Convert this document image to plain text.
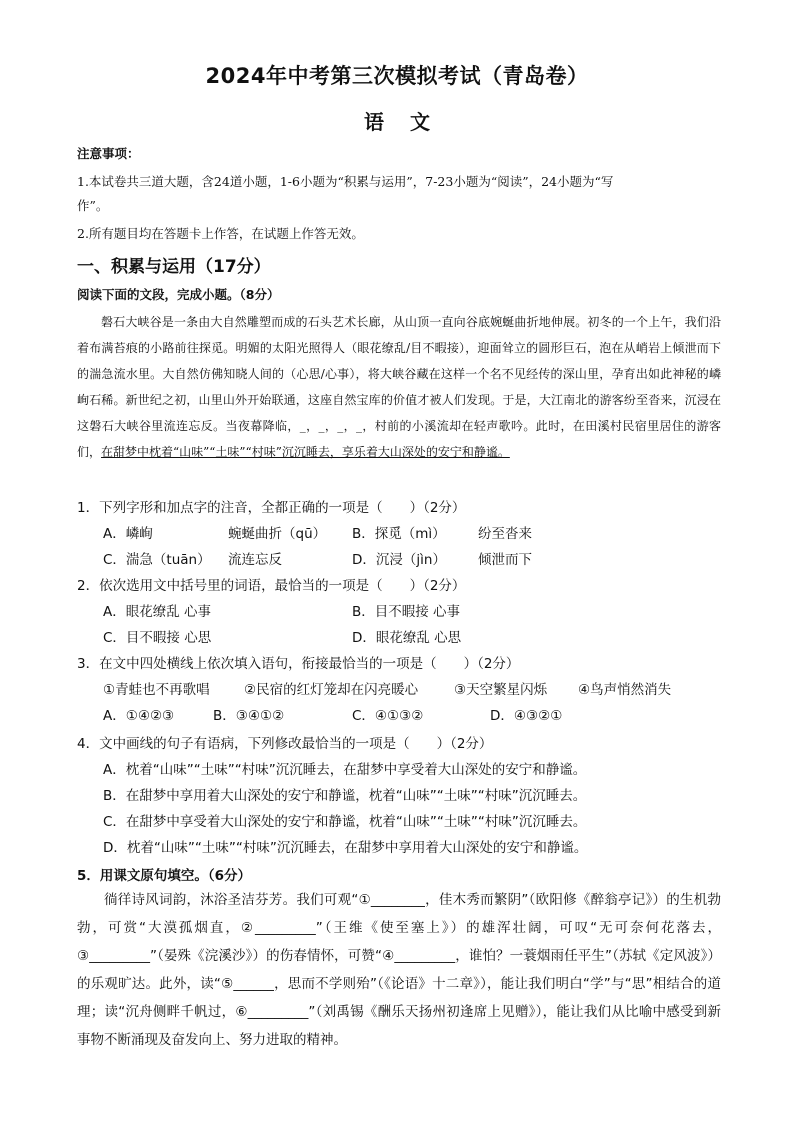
2024年中考第三次模拟考试（青岛卷）
语文
注意事项：
1.本试卷共三道大题，含24道小题，1-6小题为“积累与运用”，7-23小题为“阅读”，24小题为“写
作”。
2.所有题目均在答题卡上作答，在试题上作答无效。
一、积累与运用（17分）
阅读下面的文段，完成小题。（8分）

磐石大峡谷是一条由大自然雕塑而成的石头艺术长廊，从山顶一直向谷底婉蜒曲折地伸展。初冬的一个上午，我们沿着布满苔痕的小路前往探觅。明媚的太阳光照得人（眼花缭乱/目不暇接），迎面耸立的圆形巨石，泡在从峭岩上倾泄而下的湍急流水里。大自然仿佛知晓人间的（心思/心事），将大峡谷藏在这样一个名不见经传的深山里，孕育出如此神秘的嶙峋石稀。新世纪之初，山里山外开始联通，这座自然宝库的价值才被人们发现。于是，大江南北的游客纷至沓来，沉浸在这磐石大峡谷里流连忘反。当夜幕降临，_，_，_，_，村前的小溪流却在轻声歌吟。此时，在田溪村民宿里居住的游客们，在甜梦中枕着“山味”“土味”“村味”沉沉睡去，享乐着大山深处的安宁和静谧。

1．下列字形和加点字的注音，全都正确的一项是（　　）（2分）
A．嶙峋	蜿蜒曲折（qū） B．探觅（mì） 纷至沓来
C．湍急（tuān） 流连忘反	D．沉浸（jìn） 倾泄而下
2．依次选用文中括号里的词语，最恰当的一项是（　　）（2分）
A．眼花缭乱 心事	B．目不暇接 心事
C．目不暇接 心思	D．眼花缭乱 心思
3．在文中四处横线上依次填入语句，衔接最恰当的一项是（　　）（2分）
①青蛙也不再歌唱	②民宿的红灯笼却在闪亮暖心	③天空繁星闪烁 ④鸟声悄然消失
A．①④②③	B．③④①②	C．④①③②	D．④③②①
4．文中画线的句子有语病，下列修改最恰当的一项是（　　）（2分）
A．枕着“山味”“土味”“村味”沉沉睡去，在甜梦中享受着大山深处的安宁和静谧。
B．在甜梦中享用着大山深处的安宁和静谧，枕着“山味”“土味”“村味”沉沉睡去。
C．在甜梦中享受着大山深处的安宁和静谧，枕着“山味”“土味”“村味”沉沉睡去。
D．枕着“山味”“土味”“村味”沉沉睡去，在甜梦中享用着大山深处的安宁和静谧。
5．用课文原句填空。（6分）

徜徉诗风词韵，沐浴圣洁芬芳。我们可观“①________，佳木秀而繁阴”（欧阳修《醉翁亭记》）的生机勃勃，可赏“大漠孤烟直，②_________”（王维《使至塞上》）的雄浑壮阔，可叹“无可奈何花落去，③_________”（晏殊《浣溪沙》）的伤春情怀，可赞“④_________，谁怕？一蓑烟雨任平生”（苏轼《定风波》）的乐观旷达。此外，读“⑤______，思而不学则殆”（《论语》十二章》），能让我们明白“学”与“思”相结合的道理；读“沉舟侧畔千帆过，⑥_________”（刘禹锡《酬乐天扬州初逢席上见赠》），能让我们从比喻中感受到新事物不断涌现及奋发向上、努力进取的精神。
